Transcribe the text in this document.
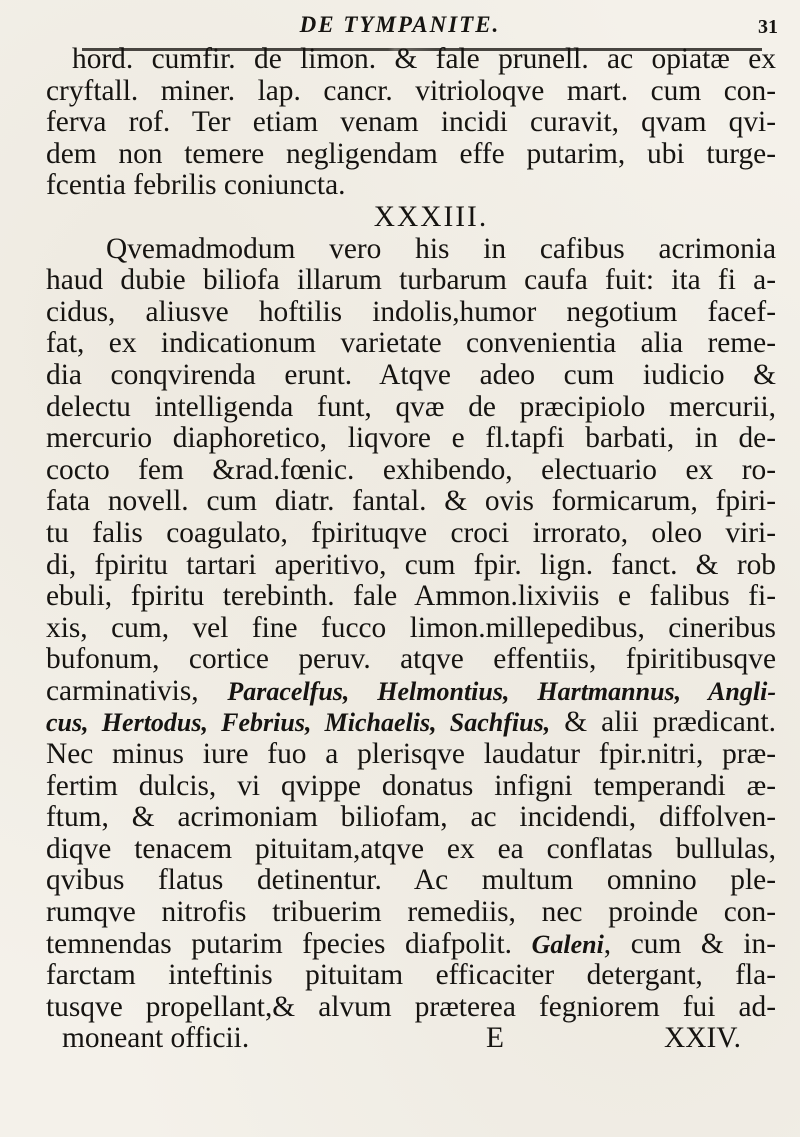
DE TYMPANITE.	31
hord. cumfir. de limon. & fale prunell. ac opiatæ ex
cryftall. miner. lap. cancr. vitrioloqve mart. cum con-
ferva rof. Ter etiam venam incidi curavit, qvam qvi-
dem non temere negligendam effe putarim, ubi turge-
fcentia febrilis coniuncta.
XXXIII.
Qvemadmodum vero his in cafibus acrimonia
haud dubie biliofa illarum turbarum caufa fuit: ita fi a-
cidus, aliusve hoftilis indolis,humor negotium facef-
fat, ex indicationum varietate convenientia alia reme-
dia conqvirenda erunt. Atqve adeo cum iudicio &
delectu intelligenda funt, qvæ de præcipiolo mercurii,
mercurio diaphoretico, liqvore e fl.tapfi barbati, in de-
cocto fem &rad.fœnic. exhibendo, electuario ex ro-
fata novell. cum diatr. fantal. & ovis formicarum, fpiri-
tu falis coagulato, fpirituqve croci irrorato, oleo viri-
di, fpiritu tartari aperitivo, cum fpir. lign. fanct. & rob
ebuli, fpiritu terebinth. fale Ammon.lixiviis e falibus fi-
xis, cum, vel fine fucco limon.millepedibus, cineribus
bufonum, cortice peruv. atqve effentiis, fpiritibusqve
carminativis, Paracelfus, Helmontius, Hartmannus, Angli-
cus, Hertodus, Febrius, Michaelis, Sachfius, & alii prædicant.
Nec minus iure fuo a plerisqve laudatur fpir.nitri, præ-
fertim dulcis, vi qvippe donatus infigni temperandi æ-
ftum, & acrimoniam biliofam, ac incidendi, diffolven-
diqve tenacem pituitam,atqve ex ea conflatas bullulas,
qvibus flatus detinentur. Ac multum omnino ple-
rumqve nitrofis tribuerim remediis, nec proinde con-
temnendas putarim fpecies diafpolit. Galeni, cum & in-
farctam inteftinis pituitam efficaciter detergant, fla-
tusqve propellant,& alvum præterea fegniorem fui ad-
moneant officii.	E	XXIV.
